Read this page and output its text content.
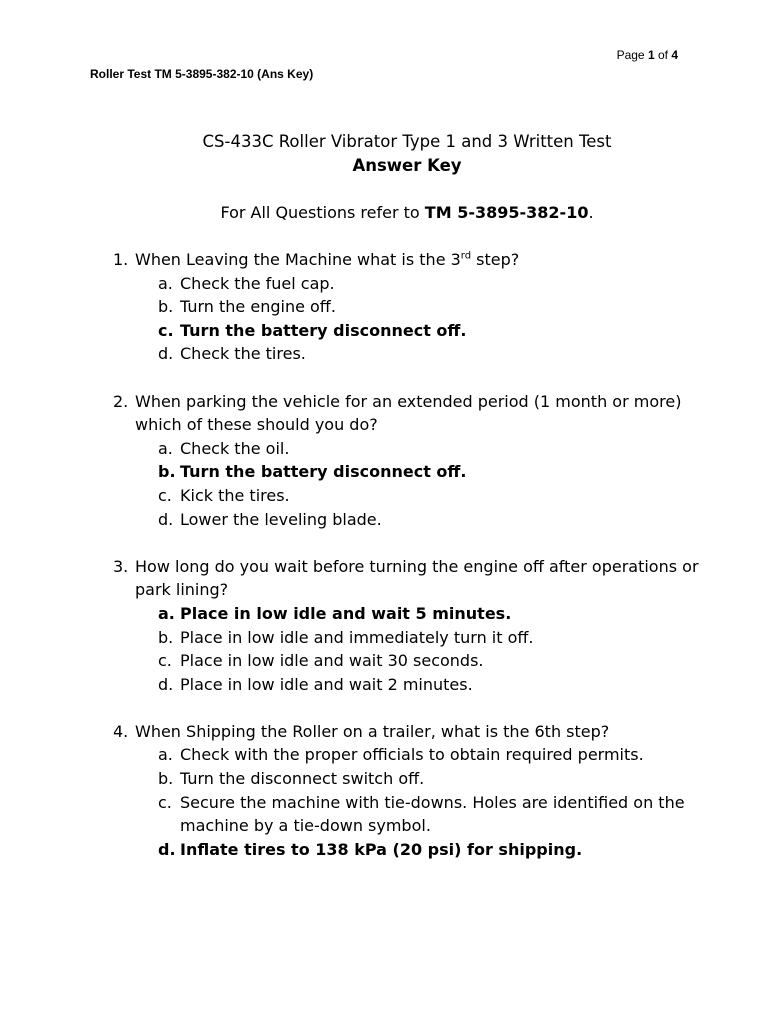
Page 1 of 4
Roller Test TM 5-3895-382-10 (Ans Key)
CS-433C Roller Vibrator Type 1 and 3 Written Test
Answer Key
For All Questions refer to TM 5-3895-382-10.
1. When Leaving the Machine what is the 3rd step?
a. Check the fuel cap.
b. Turn the engine off.
c. Turn the battery disconnect off.
d. Check the tires.
2. When parking the vehicle for an extended period (1 month or more) which of these should you do?
a. Check the oil.
b. Turn the battery disconnect off.
c. Kick the tires.
d. Lower the leveling blade.
3. How long do you wait before turning the engine off after operations or park lining?
a. Place in low idle and wait 5 minutes.
b. Place in low idle and immediately turn it off.
c. Place in low idle and wait 30 seconds.
d. Place in low idle and wait 2 minutes.
4. When Shipping the Roller on a trailer, what is the 6th step?
a. Check with the proper officials to obtain required permits.
b. Turn the disconnect switch off.
c. Secure the machine with tie-downs. Holes are identified on the machine by a tie-down symbol.
d. Inflate tires to 138 kPa (20 psi) for shipping.
